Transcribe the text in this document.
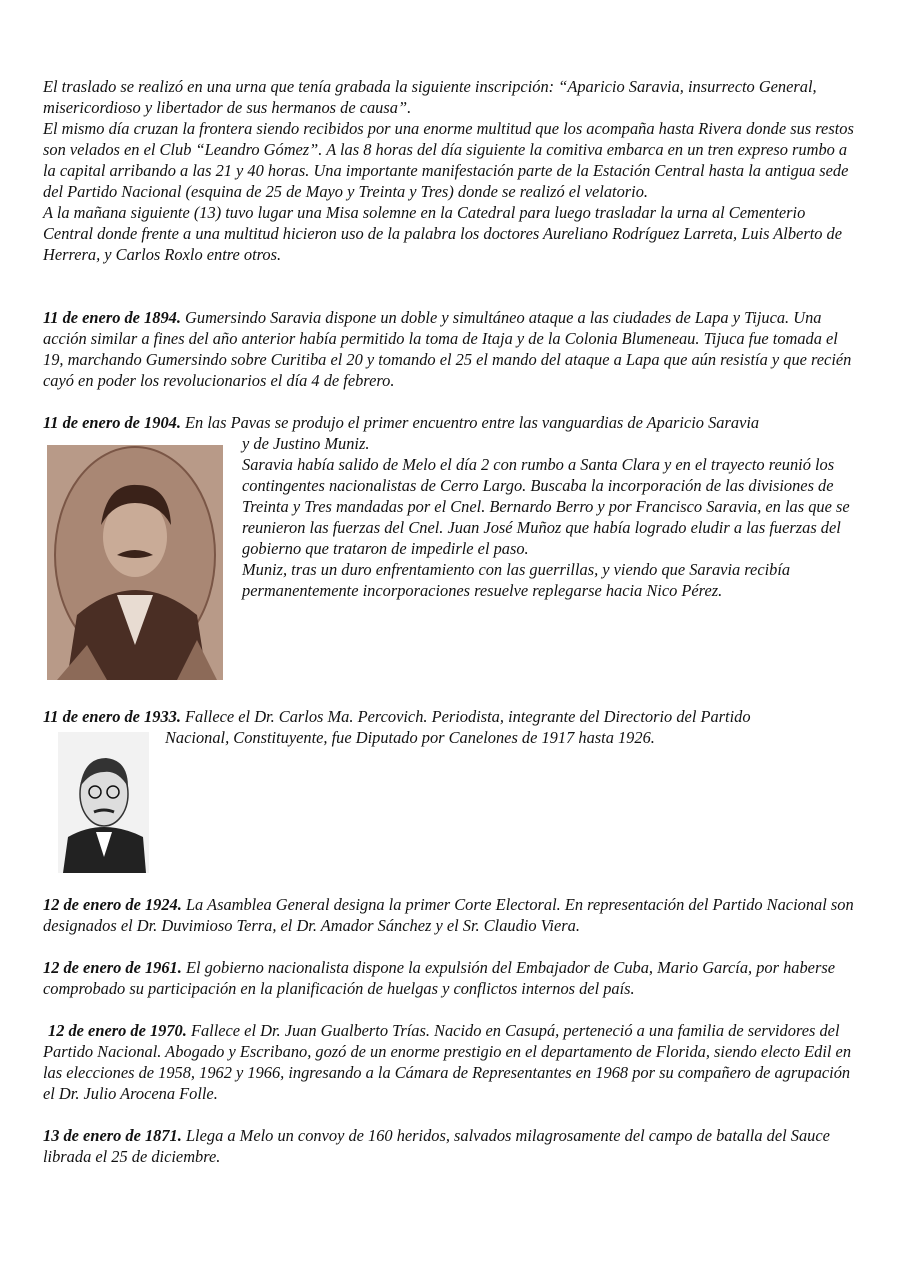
El traslado se realizó en una urna que tenía grabada la siguiente inscripción: “Aparicio Saravia, insurrecto General, misericordioso y libertador de sus hermanos de causa”.

El mismo día cruzan la frontera siendo recibidos por una enorme multitud que los acompaña hasta Rivera donde sus restos son velados en el Club “Leandro Gómez”. A las 8 horas del día siguiente la comitiva embarca en un tren expreso rumbo a la capital arribando a las 21 y 40 horas. Una importante manifestación parte de la Estación Central hasta la antigua sede del Partido Nacional (esquina de 25 de Mayo y Treinta y Tres) donde se realizó el velatorio.

A la mañana siguiente (13) tuvo lugar una Misa solemne en la Catedral para luego trasladar la urna al Cementerio Central donde frente a una multitud hicieron uso de la palabra los doctores Aureliano Rodríguez Larreta, Luis Alberto de Herrera, y Carlos Roxlo entre otros.

11 de enero de 1894. Gumersindo Saravia dispone un doble y simultáneo ataque a las ciudades de Lapa y Tijuca. Una acción similar a fines del año anterior había permitido la toma de Itaja y de la Colonia Blumeneau. Tijuca fue tomada el 19, marchando Gumersindo sobre Curitiba el 20 y tomando el 25 el mando del ataque a Lapa que aún resistía y que recién cayó en poder los revolucionarios el día 4 de febrero.

11 de enero de 1904. En las Pavas se produjo el primer encuentro entre las vanguardias de Aparicio Saravia

y de Justino Muniz.

Saravia había salido de Melo el día 2 con rumbo a Santa Clara y en el trayecto reunió los contingentes nacionalistas de Cerro Largo. Buscaba la incorporación de las divisiones de Treinta y Tres mandadas por el Cnel. Bernardo Berro y por Francisco Saravia, en las que se reunieron las fuerzas del Cnel. Juan José Muñoz que había logrado eludir a las fuerzas del gobierno que trataron de impedirle el paso.

Muniz, tras un duro enfrentamiento con las guerrillas, y viendo que Saravia recibía permanentemente incorporaciones resuelve replegarse hacia Nico Pérez.

11 de enero de 1933. Fallece el Dr. Carlos Ma. Percovich. Periodista, integrante del Directorio del Partido

Nacional, Constituyente, fue Diputado por Canelones de 1917 hasta 1926.

12 de enero de 1924. La Asamblea General designa la primer Corte Electoral. En representación del Partido Nacional son designados el Dr. Duvimioso Terra, el Dr. Amador Sánchez y el Sr. Claudio Viera.

12 de enero de 1961. El gobierno nacionalista dispone la expulsión del Embajador de Cuba, Mario García, por haberse comprobado su participación en la planificación de huelgas y conflictos internos del país.

12 de enero de 1970. Fallece el Dr. Juan Gualberto Trías. Nacido en Casupá, perteneció a una familia de servidores del Partido Nacional. Abogado y Escribano, gozó de un enorme prestigio en el departamento de Florida, siendo electo Edil en las elecciones de 1958, 1962 y 1966, ingresando a la Cámara de Representantes en 1968 por su compañero de agrupación el Dr. Julio Arocena Folle.

13 de enero de 1871. Llega a Melo un convoy de 160 heridos, salvados milagrosamente del campo de batalla del Sauce librada el 25 de diciembre.
